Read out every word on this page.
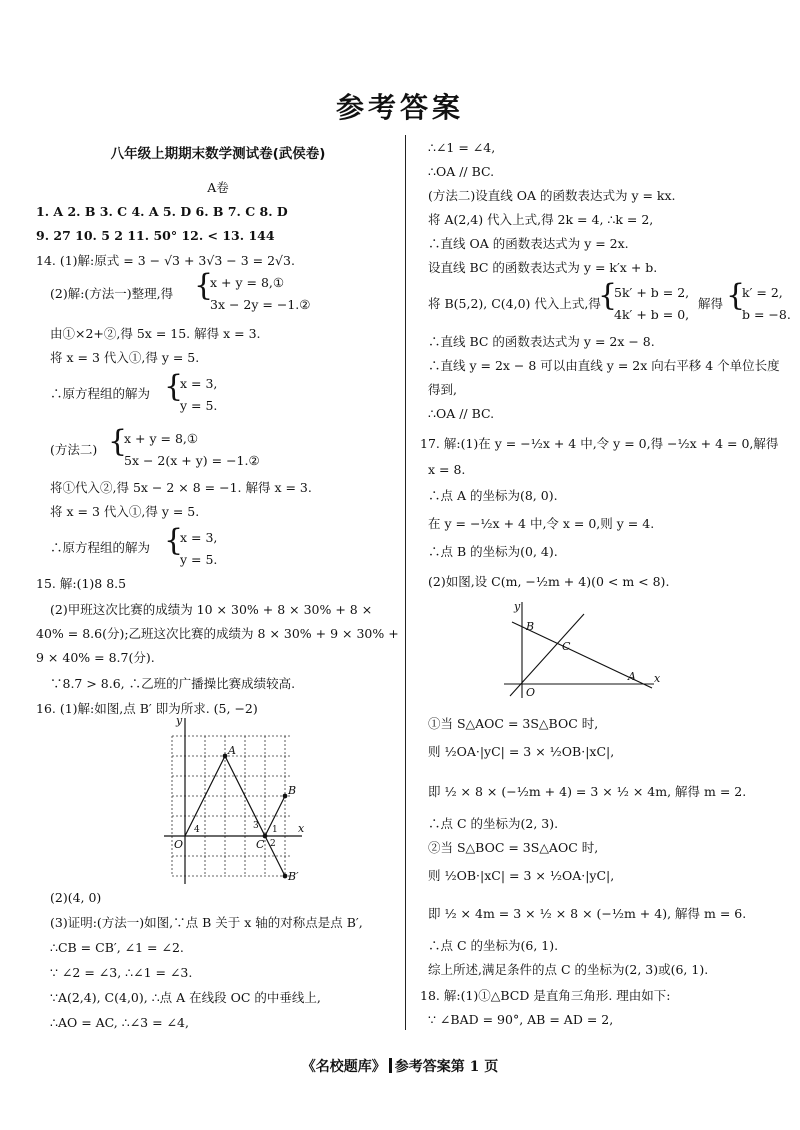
参考答案
八年级上期期末数学测试卷(武侯卷)
A卷
1. A 2. B 3. C 4. A 5. D 6. B 7. C 8. D
9. 27 10. 5 2 11. 50° 12. < 13. 144
14. (1)解:原式 = 3 − √3 + 3√3 − 3 = 2√3.
(2)解:(方法一)整理,得 {
x + y = 8,①
3x − 2y = −1.②
由①×2+②,得 5x = 15. 解得 x = 3.
将 x = 3 代入①,得 y = 5.
∴原方程组的解为 {
x = 3,
y = 5.
(方法二) {
x + y = 8,①
5x − 2(x + y) = −1.②
将①代入②,得 5x − 2 × 8 = −1. 解得 x = 3.
将 x = 3 代入①,得 y = 5.
∴原方程组的解为 {
x = 3,
y = 5.
15. 解:(1)8 8.5
(2)甲班这次比赛的成绩为 10 × 30% + 8 × 30% + 8 ×
40% = 8.6(分);乙班这次比赛的成绩为 8 × 30% + 9 × 30% +
9 × 40% = 8.7(分).
∵8.7 > 8.6, ∴乙班的广播操比赛成绩较高.
16. (1)解:如图,点 B′ 即为所求. (5, −2)
y
x
O
A
B
C
B′
4	3 1
2
(2)(4, 0)
(3)证明:(方法一)如图,∵点 B 关于 x 轴的对称点是点 B′,
∴CB = CB′, ∠1 = ∠2.
∵ ∠2 = ∠3, ∴∠1 = ∠3.
∵A(2,4), C(4,0), ∴点 A 在线段 OC 的中垂线上,
∴AO = AC, ∴∠3 = ∠4,
∴∠1 = ∠4,
∴OA // BC.
(方法二)设直线 OA 的函数表达式为 y = kx.
将 A(2,4) 代入上式,得 2k = 4, ∴k = 2,
∴直线 OA 的函数表达式为 y = 2x.
设直线 BC 的函数表达式为 y = k′x + b.
将 B(5,2), C(4,0) 代入上式,得
{
5k′ + b = 2,
4k′ + b = 0,
解得 {
k′ = 2,
b = −8.
∴直线 BC 的函数表达式为 y = 2x − 8.
∴直线 y = 2x − 8 可以由直线 y = 2x 向右平移 4 个单位长度
得到,
∴OA // BC.
17. 解:(1)在 y = −½x + 4 中,令 y = 0,得 −½x + 4 = 0,解得
x = 8.
∴点 A 的坐标为(8, 0).
在 y = −½x + 4 中,令 x = 0,则 y = 4.
∴点 B 的坐标为(0, 4).
(2)如图,设 C(m, −½m + 4)(0 < m < 8).
y
x
O
B
C
A
①当 S△AOC = 3S△BOC 时,
则 ½OA·|yC| = 3 × ½OB·|xC|,
即 ½ × 8 × (−½m + 4) = 3 × ½ × 4m, 解得 m = 2.
∴点 C 的坐标为(2, 3).
②当 S△BOC = 3S△AOC 时,
则 ½OB·|xC| = 3 × ½OA·|yC|,
即 ½ × 4m = 3 × ½ × 8 × (−½m + 4), 解得 m = 6.
∴点 C 的坐标为(6, 1).
综上所述,满足条件的点 C 的坐标为(2, 3)或(6, 1).
18. 解:(1)①△BCD 是直角三角形. 理由如下:
∵ ∠BAD = 90°, AB = AD = 2,
《名校题库》 参考答案第 1 页
